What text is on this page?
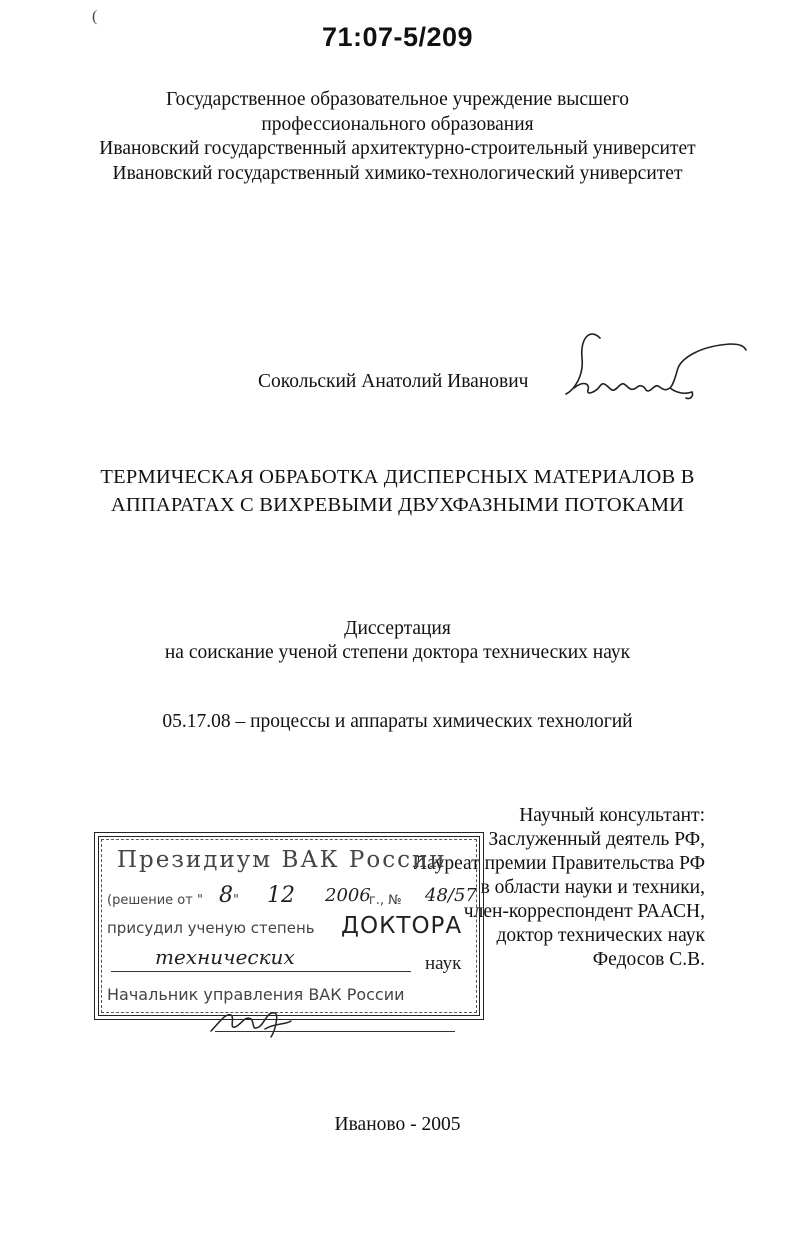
(
71:07-5/209
Государственное образовательное учреждение высшего
профессионального образования
Ивановский государственный архитектурно-строительный университет
Ивановский государственный химико-технологический университет
Сокольский Анатолий Иванович
ТЕРМИЧЕСКАЯ ОБРАБОТКА ДИСПЕРСНЫХ МАТЕРИАЛОВ В
АППАРАТАХ С ВИХРЕВЫМИ ДВУХФАЗНЫМИ ПОТОКАМИ
Диссертация
на соискание ученой степени доктора технических наук
05.17.08 – процессы и аппараты химических технологий
Научный консультант:
Заслуженный деятель РФ,
Лауреат премии Правительства РФ
в области науки и техники,
член-корреспондент РААСН,
доктор технических наук
Федосов С.В.
Президиум ВАК России
(решение от " "	г., №
8 12 2006	48/57
присудил ученую степень ДОКТОРА
технических	наук
Начальник управления ВАК России
Иваново - 2005
